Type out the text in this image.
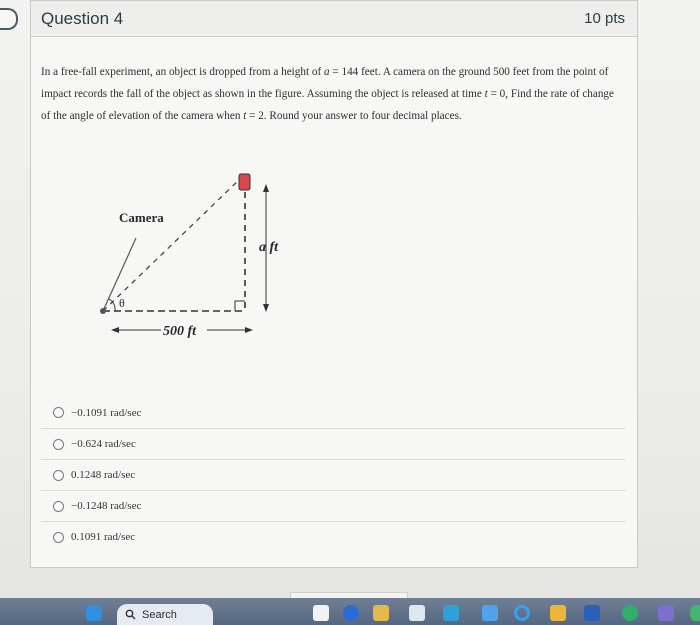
Question 4	10 pts
In a free-fall experiment, an object is dropped from a height of a = 144 feet. A camera on the ground 500 feet from the point of impact records the fall of the object as shown in the figure. Assuming the object is released at time t = 0, Find the rate of change of the angle of elevation of the camera when t = 2. Round your answer to four decimal places.
Camera
θ
a ft
500 ft
−0.1091 rad/sec
−0.624 rad/sec
0.1248 rad/sec
−0.1248 rad/sec
0.1091 rad/sec
Search
